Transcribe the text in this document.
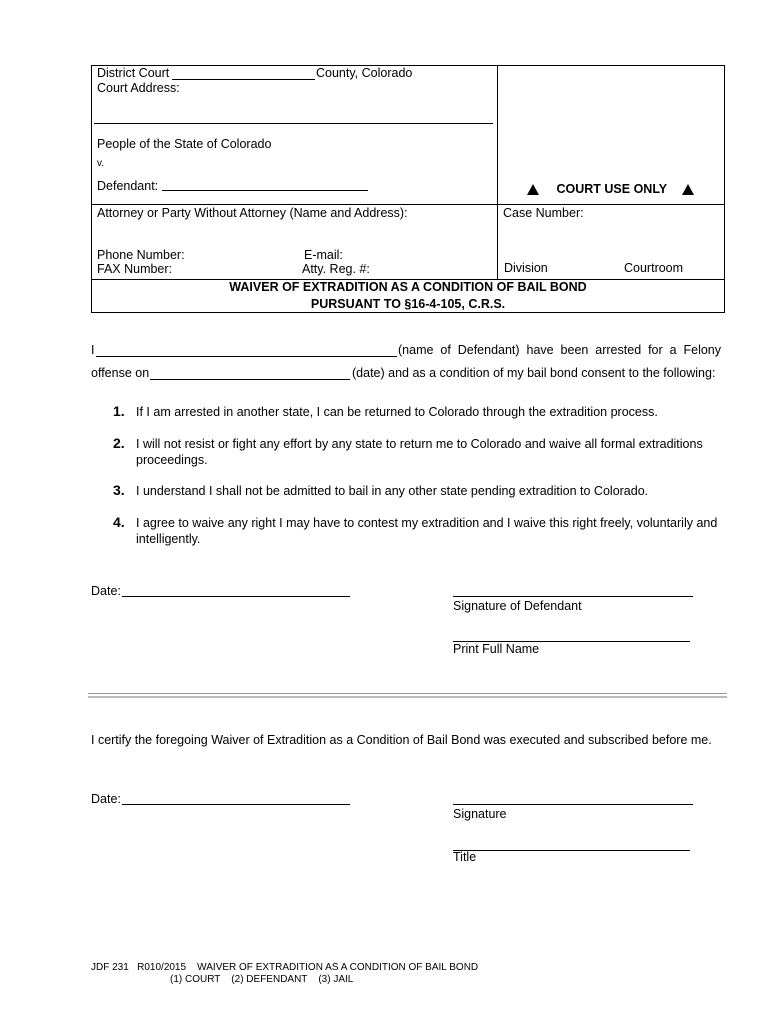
District Court	County, Colorado
Court Address:
People of the State of Colorado
v.
Defendant:	COURT USE ONLY
Attorney or Party Without Attorney (Name and Address):
Phone Number:	E-mail:
FAX Number:	Atty. Reg. #:
Case Number:
Division	Courtroom
WAIVER OF EXTRADITION AS A CONDITION OF BAIL BOND
PURSUANT TO §16-4-105, C.R.S.
I	(name of Defendant) have been arrested for a Felony
offense on	(date) and as a condition of my bail bond consent to the following:
1. If I am arrested in another state, I can be returned to Colorado through the extradition process.
2. I will not resist or fight any effort by any state to return me to Colorado and waive all formal extraditions proceedings.
3. I understand I shall not be admitted to bail in any other state pending extradition to Colorado.
4. I agree to waive any right I may have to contest my extradition and I waive this right freely, voluntarily and intelligently.
Date:
Signature of Defendant
Print Full Name
I certify the foregoing Waiver of Extradition as a Condition of Bail Bond was executed and subscribed before me.
Date:
Signature
Title
JDF 231   R010/2015    WAIVER OF EXTRADITION AS A CONDITION OF BAIL BOND
(1) COURT    (2) DEFENDANT    (3) JAIL
